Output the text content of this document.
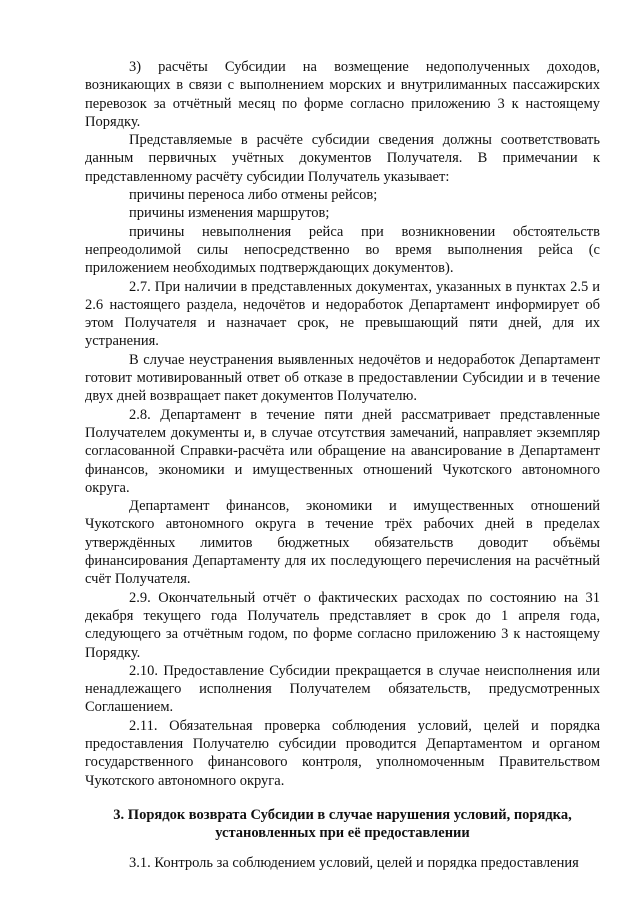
3) расчёты Субсидии на возмещение недополученных доходов, возникающих в связи с выполнением морских и внутрилиманных пассажирских перевозок за отчётный месяц по форме согласно приложению 3 к настоящему Порядку.

Представляемые в расчёте субсидии сведения должны соответствовать данным первичных учётных документов Получателя. В примечании к представленному расчёту субсидии Получатель указывает:

причины переноса либо отмены рейсов;

причины изменения маршрутов;

причины невыполнения рейса при возникновении обстоятельств непреодолимой силы непосредственно во время выполнения рейса (с приложением необходимых подтверждающих документов).

2.7. При наличии в представленных документах, указанных в пунктах 2.5 и 2.6 настоящего раздела, недочётов и недоработок Департамент информирует об этом Получателя и назначает срок, не превышающий пяти дней, для их устранения.

В случае неустранения выявленных недочётов и недоработок Департамент готовит мотивированный ответ об отказе в предоставлении Субсидии и в течение двух дней возвращает пакет документов Получателю.

2.8. Департамент в течение пяти дней рассматривает представленные Получателем документы и, в случае отсутствия замечаний, направляет экземпляр согласованной Справки-расчёта или обращение на авансирование в Департамент финансов, экономики и имущественных отношений Чукотского автономного округа.

Департамент финансов, экономики и имущественных отношений Чукотского автономного округа в течение трёх рабочих дней в пределах утверждённых лимитов бюджетных обязательств доводит объёмы финансирования Департаменту для их последующего перечисления на расчётный счёт Получателя.

2.9. Окончательный отчёт о фактических расходах по состоянию на 31 декабря текущего года Получатель представляет в срок до 1 апреля года, следующего за отчётным годом, по форме согласно приложению 3 к настоящему Порядку.

2.10. Предоставление Субсидии прекращается в случае неисполнения или ненадлежащего исполнения Получателем обязательств, предусмотренных Соглашением.

2.11. Обязательная проверка соблюдения условий, целей и порядка предоставления Получателю субсидии проводится Департаментом и органом государственного финансового контроля, уполномоченным Правительством Чукотского автономного округа.

3. Порядок возврата Субсидии в случае нарушения условий, порядка,
установленных при её предоставлении

3.1. Контроль за соблюдением условий, целей и порядка предоставления
